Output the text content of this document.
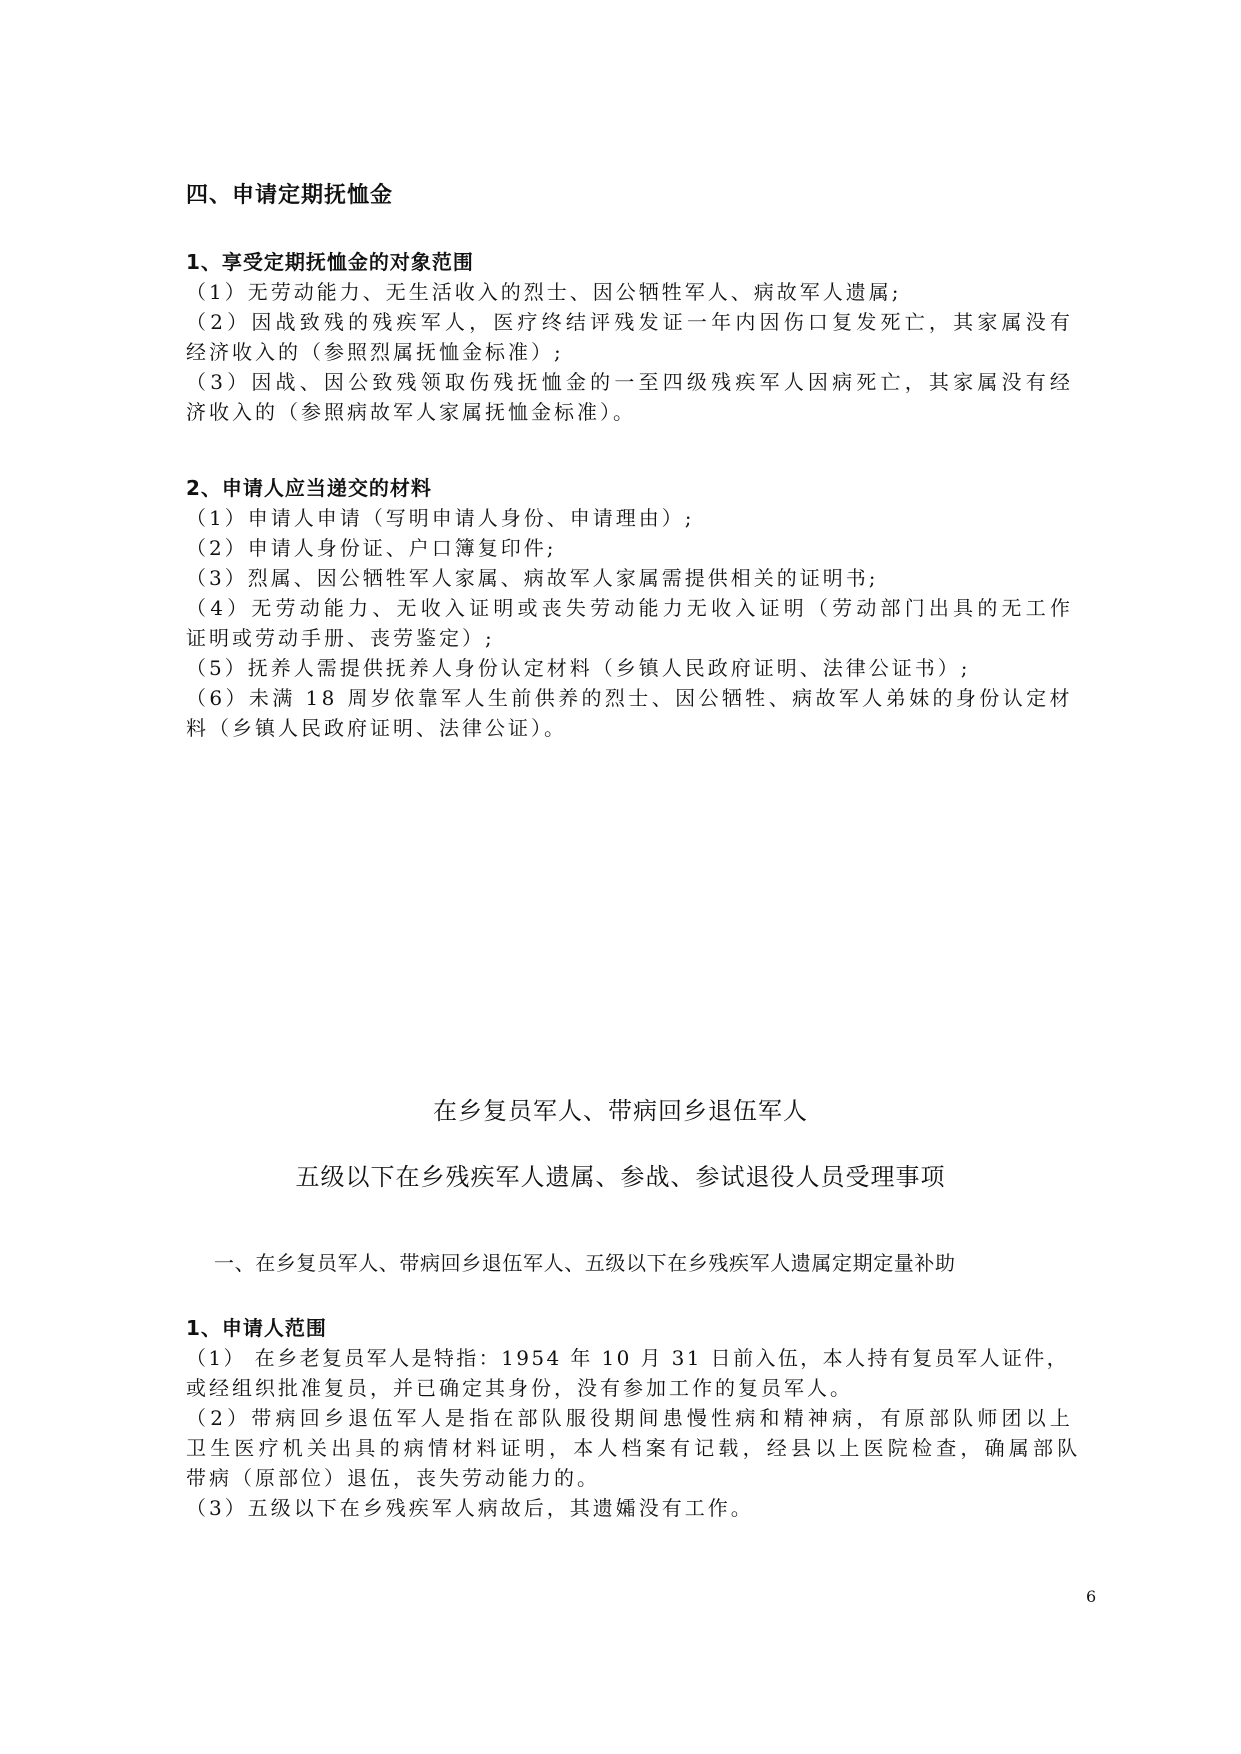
四、申请定期抚恤金
1、享受定期抚恤金的对象范围
（1）无劳动能力、无生活收入的烈士、因公牺牲军人、病故军人遗属;
（2）因战致残的残疾军人，医疗终结评残发证一年内因伤口复发死亡，其家属没有
经济收入的（参照烈属抚恤金标准）;
（3）因战、因公致残领取伤残抚恤金的一至四级残疾军人因病死亡，其家属没有经
济收入的（参照病故军人家属抚恤金标准）。
2、申请人应当递交的材料
（1）申请人申请（写明申请人身份、申请理由）;
（2）申请人身份证、户口簿复印件;
（3）烈属、因公牺牲军人家属、病故军人家属需提供相关的证明书;
（4）无劳动能力、无收入证明或丧失劳动能力无收入证明（劳动部门出具的无工作
证明或劳动手册、丧劳鉴定）;
（5）抚养人需提供抚养人身份认定材料（乡镇人民政府证明、法律公证书）;
（6）未满 18 周岁依靠军人生前供养的烈士、因公牺牲、病故军人弟妹的身份认定材
料（乡镇人民政府证明、法律公证）。
在乡复员军人、带病回乡退伍军人
五级以下在乡残疾军人遗属、参战、参试退役人员受理事项
一、在乡复员军人、带病回乡退伍军人、五级以下在乡残疾军人遗属定期定量补助
1、申请人范围
（1） 在乡老复员军人是特指：1954 年 10 月 31 日前入伍，本人持有复员军人证件，
或经组织批准复员，并已确定其身份，没有参加工作的复员军人。
（2）带病回乡退伍军人是指在部队服役期间患慢性病和精神病，有原部队师团以上
卫生医疗机关出具的病情材料证明，本人档案有记载，经县以上医院检查，确属部队
带病（原部位）退伍，丧失劳动能力的。
（3）五级以下在乡残疾军人病故后，其遗孀没有工作。
6
